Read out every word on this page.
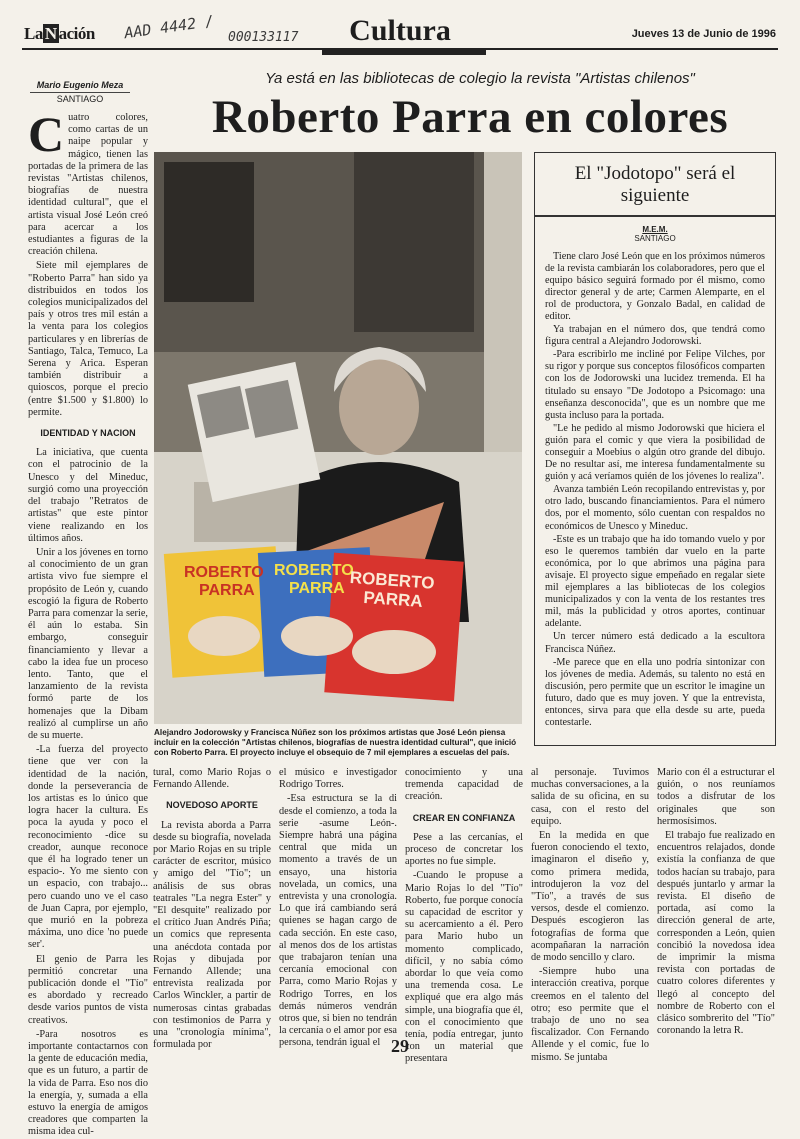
La N ación AAD 4442 / 000133117	Cultura	Jueves 13 de Junio de 1996
Ya está en las bibliotecas de colegio la revista "Artistas chilenos"
Mario Eugenio Meza
SANTIAGO	Roberto Parra en colores
C uatro colores, como cartas de un naipe popular y mágico, tienen las portadas de la primera de las revistas "Artistas chilenos, biografías de nuestra identidad cultural", que el artista visual José León creó para acercar a los estudiantes a figuras de la creación chilena.

Siete mil ejemplares de "Roberto Parra" han sido ya distribuidos en todos los colegios municipalizados del país y otros tres mil están a la venta para los colegios particulares y en librerías de Santiago, Talca, Temuco, La Serena y Arica. Esperan también distribuir a quioscos, porque el precio (entre $1.500 y $1.800) lo permite.

IDENTIDAD Y NACION

La iniciativa, que cuenta con el patrocinio de la Unesco y del Mineduc, surgió como una proyección del trabajo "Retratos de artistas" que este pintor viene realizando en los últimos años.

Unir a los jóvenes en torno al conocimiento de un gran artista vivo fue siempre el propósito de León y, cuando escogió la figura de Roberto Parra para comenzar la serie, él aún lo estaba. Sin embargo, conseguir financiamiento y llevar a cabo la idea fue un proceso lento. Tanto, que el lanzamiento de la revista formó parte de los homenajes que la Dibam realizó al cumplirse un año de su muerte.

-La fuerza del proyecto tiene que ver con la identidad de la nación, donde la perseverancia de los artistas es lo único que logra hacer la cultura. Es poca la ayuda y poco el reconocimiento -dice su creador, aunque reconoce que él ha logrado tener un espacio-. Yo me siento con un espacio, con trabajo... pero cuando uno ve el caso de Juan Capra, por ejemplo, que murió en la pobreza máxima, uno dice 'no puede ser'.

El genio de Parra les permitió concretar una publicación donde el "Tío" es abordado y recreado desde varios puntos de vista creativos.

-Para nosotros es importante contactarnos con la gente de educación media, que es un futuro, a partir de la vida de Parra. Eso nos dio la energía, y, sumada a ella estuvo la energía de amigos creadores que comparten la misma idea cul-

ROBERTO
PARRA
ROBERTO
PARRA ROBERTO
PARRA
Alejandro Jodorowsky y Francisca Núñez son los próximos artistas que José León piensa incluir en la colección "Artistas chilenos, biografías de nuestra identidad cultural", que inició con Roberto Parra. El proyecto incluye el obsequio de 7 mil ejemplares a escuelas del país.
El "Jodotopo" será el siguiente
M.E.M.
SANTIAGO

Tiene claro José León que en los próximos números de la revista cambiarán los colaboradores, pero que el equipo básico seguirá formado por él mismo, como director general y de arte; Carmen Alemparte, en el rol de productora, y Gonzalo Badal, en calidad de editor.

Ya trabajan en el número dos, que tendrá como figura central a Alejandro Jodorowski.

-Para escribirlo me incliné por Felipe Vilches, por su rigor y porque sus conceptos filosóficos comparten con los de Jodorowski una lucidez tremenda. El ha titulado su ensayo "De Jodotopo a Psicomago: una enseñanza desconocida", que es un nombre que me gusta incluso para la portada.

"Le he pedido al mismo Jodorowski que hiciera el guión para el comic y que viera la posibilidad de conseguir a Moebius o algún otro grande del dibujo. De no resultar así, me interesa fundamentalmente su guión y acá veríamos quién de los jóvenes lo realiza".

Avanza también León recopilando entrevistas y, por otro lado, buscando financiamientos. Para el número dos, por el momento, sólo cuentan con respaldos no económicos de Unesco y Mineduc.

-Este es un trabajo que ha ido tomando vuelo y por eso le queremos también dar vuelo en la parte económica, por lo que abrimos una página para avisaje. El proyecto sigue empeñado en regalar siete mil ejemplares a las bibliotecas de los colegios municipalizados y con la venta de los restantes tres mil, más la publicidad y otros aportes, continuar adelante.

Un tercer número está dedicado a la escultora Francisca Núñez.

-Me parece que en ella uno podría sintonizar con los jóvenes de media. Además, su talento no está en discusión, pero permite que un escritor le imagine un futuro, dado que es muy joven. Y que la entrevista, entonces, sirva para que ella desde su arte, pueda contestarle.

tural, como Mario Rojas o Fernando Allende.

NOVEDOSO APORTE

La revista aborda a Parra desde su biografía, novelada por Mario Rojas en su triple carácter de escritor, músico y amigo del "Tío"; un análisis de sus obras teatrales "La negra Ester" y "El desquite" realizado por el crítico Juan Andrés Piña; un comics que representa una anécdota contada por Rojas y dibujada por Fernando Allende; una entrevista realizada por Carlos Winckler, a partir de numerosas cintas grabadas con testimonios de Parra y una "cronología mínima", formulada por

el músico e investigador Rodrigo Torres.

-Esa estructura se la di desde el comienzo, a toda la serie -asume León-. Siempre habrá una página central que mida un momento a través de un ensayo, una historia novelada, un comics, una entrevista y una cronología. Lo que irá cambiando será quienes se hagan cargo de cada sección. En este caso, al menos dos de los artistas que trabajaron tenían una cercanía emocional con Parra, como Mario Rojas y Rodrigo Torres, en los demás números vendrán otros que, si bien no tendrán la cercanía o el amor por esa persona, tendrán igual el

conocimiento y una tremenda capacidad de creación.

CREAR EN CONFIANZA

Pese a las cercanías, el proceso de concretar los aportes no fue simple.

-Cuando le propuse a Mario Rojas lo del "Tío" Roberto, fue porque conocía su capacidad de escritor y su acercamiento a él. Pero para Mario hubo un momento complicado, difícil, y no sabía cómo abordar lo que veía como una tremenda cosa. Le expliqué que era algo más simple, una biografía que él, con el conocimiento que tenía, podía entregar, junto con un material que presentara

al personaje. Tuvimos muchas conversaciones, a la salida de su oficina, en su casa, con el resto del equipo.

En la medida en que fueron conociendo el texto, imaginaron el diseño y, como primera medida, introdujeron la voz del "Tío", a través de sus versos, desde el comienzo. Después escogieron las fotografías de forma que acompañaran la narración de modo sencillo y claro.

-Siempre hubo una interacción creativa, porque creemos en el talento del otro; eso permite que el trabajo de uno no sea fiscalizador. Con Fernando Allende y el comic, fue lo mismo. Se juntaba

Mario con él a estructurar el guión, o nos reuníamos todos a disfrutar de los originales que son hermosísimos.

El trabajo fue realizado en encuentros relajados, donde existía la confianza de que todos hacían su trabajo, para después juntarlo y armar la revista. El diseño de portada, así como la dirección general de arte, corresponden a León, quien concibió la novedosa idea de imprimir la misma revista con portadas de cuatro colores diferentes y llegó al concepto del nombre de Roberto con el clásico sombrerito del "Tío" coronando la letra R.

29
